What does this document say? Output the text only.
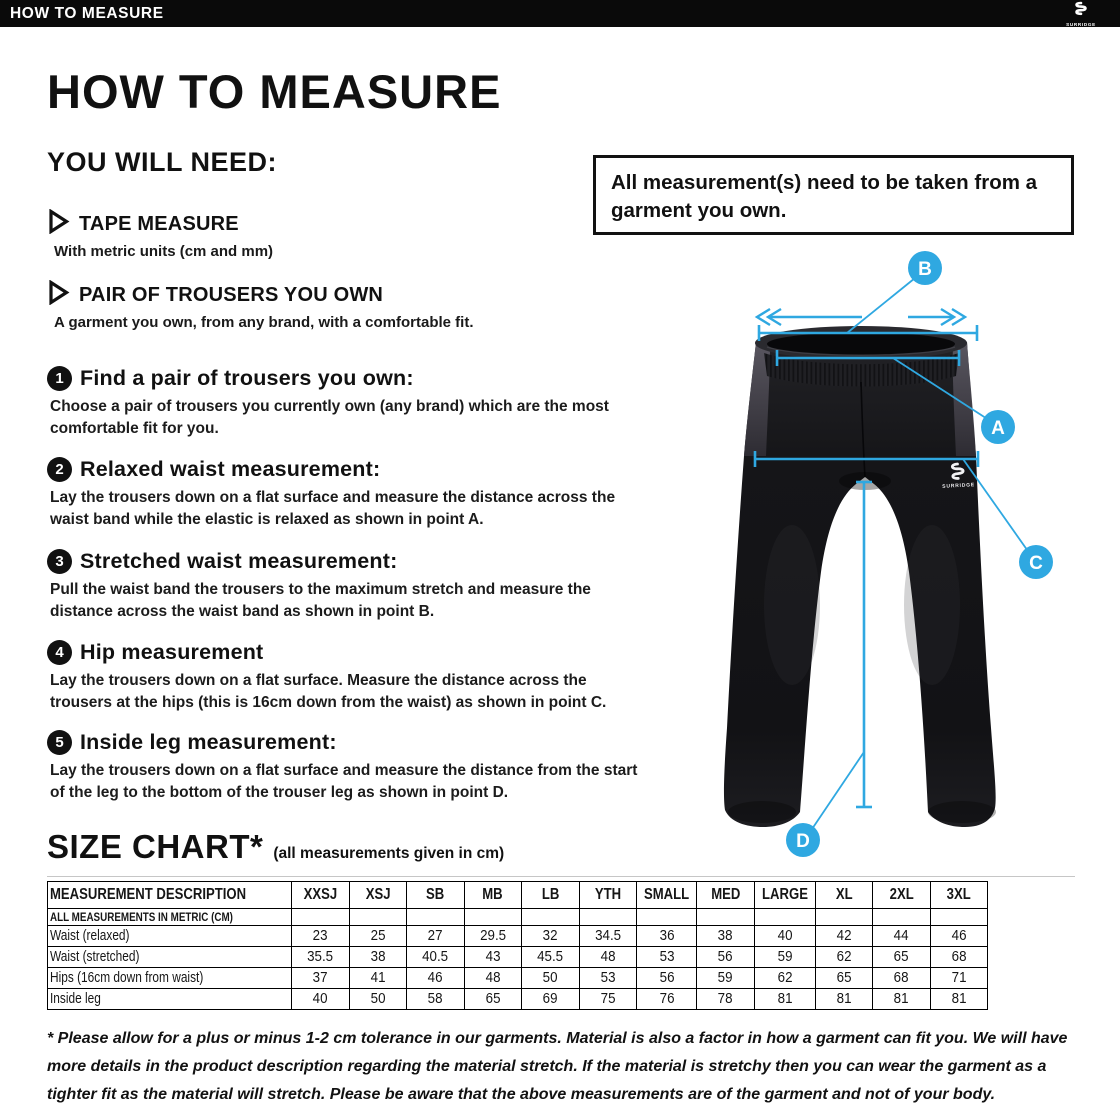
HOW TO MEASURE
SURRIDGE
HOW TO MEASURE
YOU WILL NEED:
TAPE MEASURE
With metric units (cm and mm)
PAIR OF TROUSERS YOU OWN
A garment you own, from any brand, with a comfortable fit.
1 Find a pair of trousers you own:
Choose a pair of trousers you currently own (any brand) which are the most comfortable fit for you.
2 Relaxed waist measurement:
Lay the trousers down on a flat surface and measure the distance across the waist band while the elastic is relaxed as shown in point A.
3 Stretched waist measurement:
Pull the waist band the trousers to the maximum stretch and measure the distance across the waist band as shown in point B.
4 Hip measurement
Lay the trousers down on a flat surface. Measure the distance across the trousers at the hips (this is 16cm down from the waist) as shown in point C.
5 Inside leg measurement:
Lay the trousers down on a flat surface and measure the distance from the start of the leg to the bottom of the trouser leg as shown in point D.
All measurement(s) need to be taken from a garment you own.
SURRIDGE
B
A
C
D
SIZE CHART* (all measurements given in cm)
MEASUREMENT DESCRIPTION	XXSJ	XSJ	SB	MB	LB	YTH	SMALL	MED	LARGE	XL	2XL	3XL
ALL MEASUREMENTS IN METRIC (CM)												
Waist (relaxed)	23	25	27	29.5	32	34.5	36	38	40	42	44	46
Waist (stretched)	35.5	38	40.5	43	45.5	48	53	56	59	62	65	68
Hips (16cm down from waist)	37	41	46	48	50	53	56	59	62	65	68	71
Inside leg	40	50	58	65	69	75	76	78	81	81	81	81
* Please allow for a plus or minus 1-2 cm tolerance in our garments. Material is also a factor in how a garment can fit you. We will have more details in the product description regarding the material stretch. If the material is stretchy then you can wear the garment as a tighter fit as the material will stretch. Please be aware that the above measurements are of the garment and not of your body.
